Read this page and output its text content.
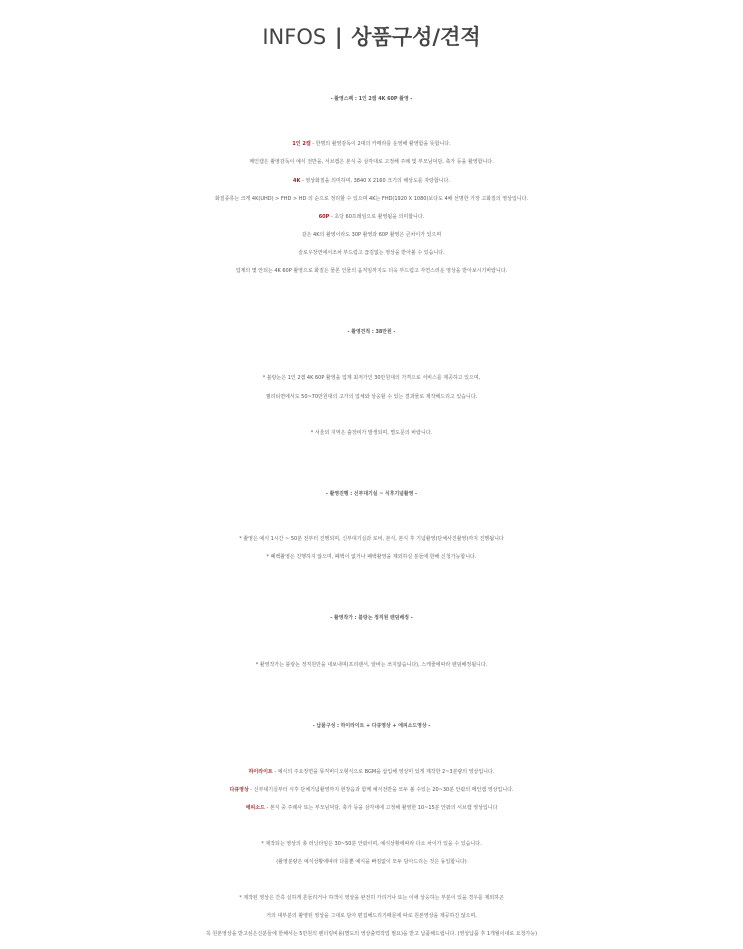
INFOS | 상품구성/견적
- 촬영스펙 : 1인 2캠 4K 60P 촬영 -
1인 2캠 - 한명의 촬영감독이 2대의 카메라를 운영해 촬영함을 뜻합니다.
메인캠은 촬영감독이 예식 전반을, 서브캠은 본식 중 삼각대로 고정해 주례 및 부모님덕담, 축가 등을 촬영합니다.
4K - 영상화질을 의미하며, 3840 X 2160 크기의 해상도를 자랑합니다.
화질종류는 크게 4K(UHD) > FHD > HD 의 순으로 정리할 수 있으며 4K는 FHD(1920 X 1080)보다도 4배 선명한 가장 고화질의 영상입니다.
60P - 초당 60프레임으로 촬영됨을 의미합니다.
같은 4K의 촬영이라도 30P 촬영과 60P 촬영은 큰차이가 있으며
슬로우장면에서조차 부드럽고 끊김없는 영상을 받아볼 수 있습니다.
업계의 몇 안되는 4K 60P 촬영으로 화질은 물론 인물의 움직임까지도 더욱 부드럽고 자연스러운 영상을 받아보시기바랍니다.
- 촬영견적 : 38만원 -
* 블랑논은 1인 2캠 4K 60P 촬영을 업계 최저가인 30만원대의 가격으로 서비스를 제공하고 있으며,
퀄리티면에서도 50~70만원대의 고가의 업체와 상응할 수 있는 결과물로 제작해드리고 있습니다.
* 서울외 지역은 출장비가 발생되며, 별도문의 바랍니다.
- 촬영진행 : 신부대기실 ~ 식후기념촬영 -
* 촬영은 예식 1시간 ~ 50분 전부터 진행되며, 신부대기실과 로비, 본식, 본식 후 기념촬영(단체사진촬영)까지 진행됩니다
* 폐백촬영은 진행하지 않으며, 폐백이 없거나 폐백촬영을 제외하실 분들에 한해 신청가능합니다.
- 촬영작가 : 블랑논 정직원 랜덤배정 -
* 촬영작가는 블랑논 정직원만을 내보내며(프리랜서, 알바는 쓰지않습니다), 스케줄에따라 랜덤배정됩니다.
- 납품구성 : 하이라이트 + 다큐영상 + 에피소드영상 -
하이라이트 - 예식의 주요장면을 뮤직비디오형식으로 BGM을 삽입해 영상미 있게 제작한 2~3분량의 영상입니다.
다큐영상 - 신부대기실부터 식후 단체기념촬영까지 현장음과 함께 예식전반을 모두 볼 수있는 20~30분 안팎의 메인캠 영상입니다.
에피소드 - 본식 중 주례사 또는 부모님덕담, 축가 등을 삼각대에 고정해 촬영한 10~15분 안팎의 서브캠 영상입니다
* 제작되는 영상의 총 러닝타임은 30~50분 안팎이며, 예식상황에따라 다소 차이가 있을 수 있습니다.
(촬영분량은 예식상황에따라 다를뿐 예식을 빠짐없이 모두 담아드리는 것은 동일합니다)
* 제작된 영상은 간혹 실하게 흔들리거나 하객이 영상을 완전히 가리거나 또는 이에 상응하는 부분이 있을 경우를 제외하곤
거의 대부분의 촬영된 영상을 그대로 담아 편집해드리기때문에 따로 원본영상을 제공하진 않으며,
꼭 원본영상을 받고싶은신분들에 한해서는 5만원의 렌더링비용(별도의 영상출력작업 필요)을 받고 납품해드립니다. (영상납품 후 1개월이내로 요청가능)
